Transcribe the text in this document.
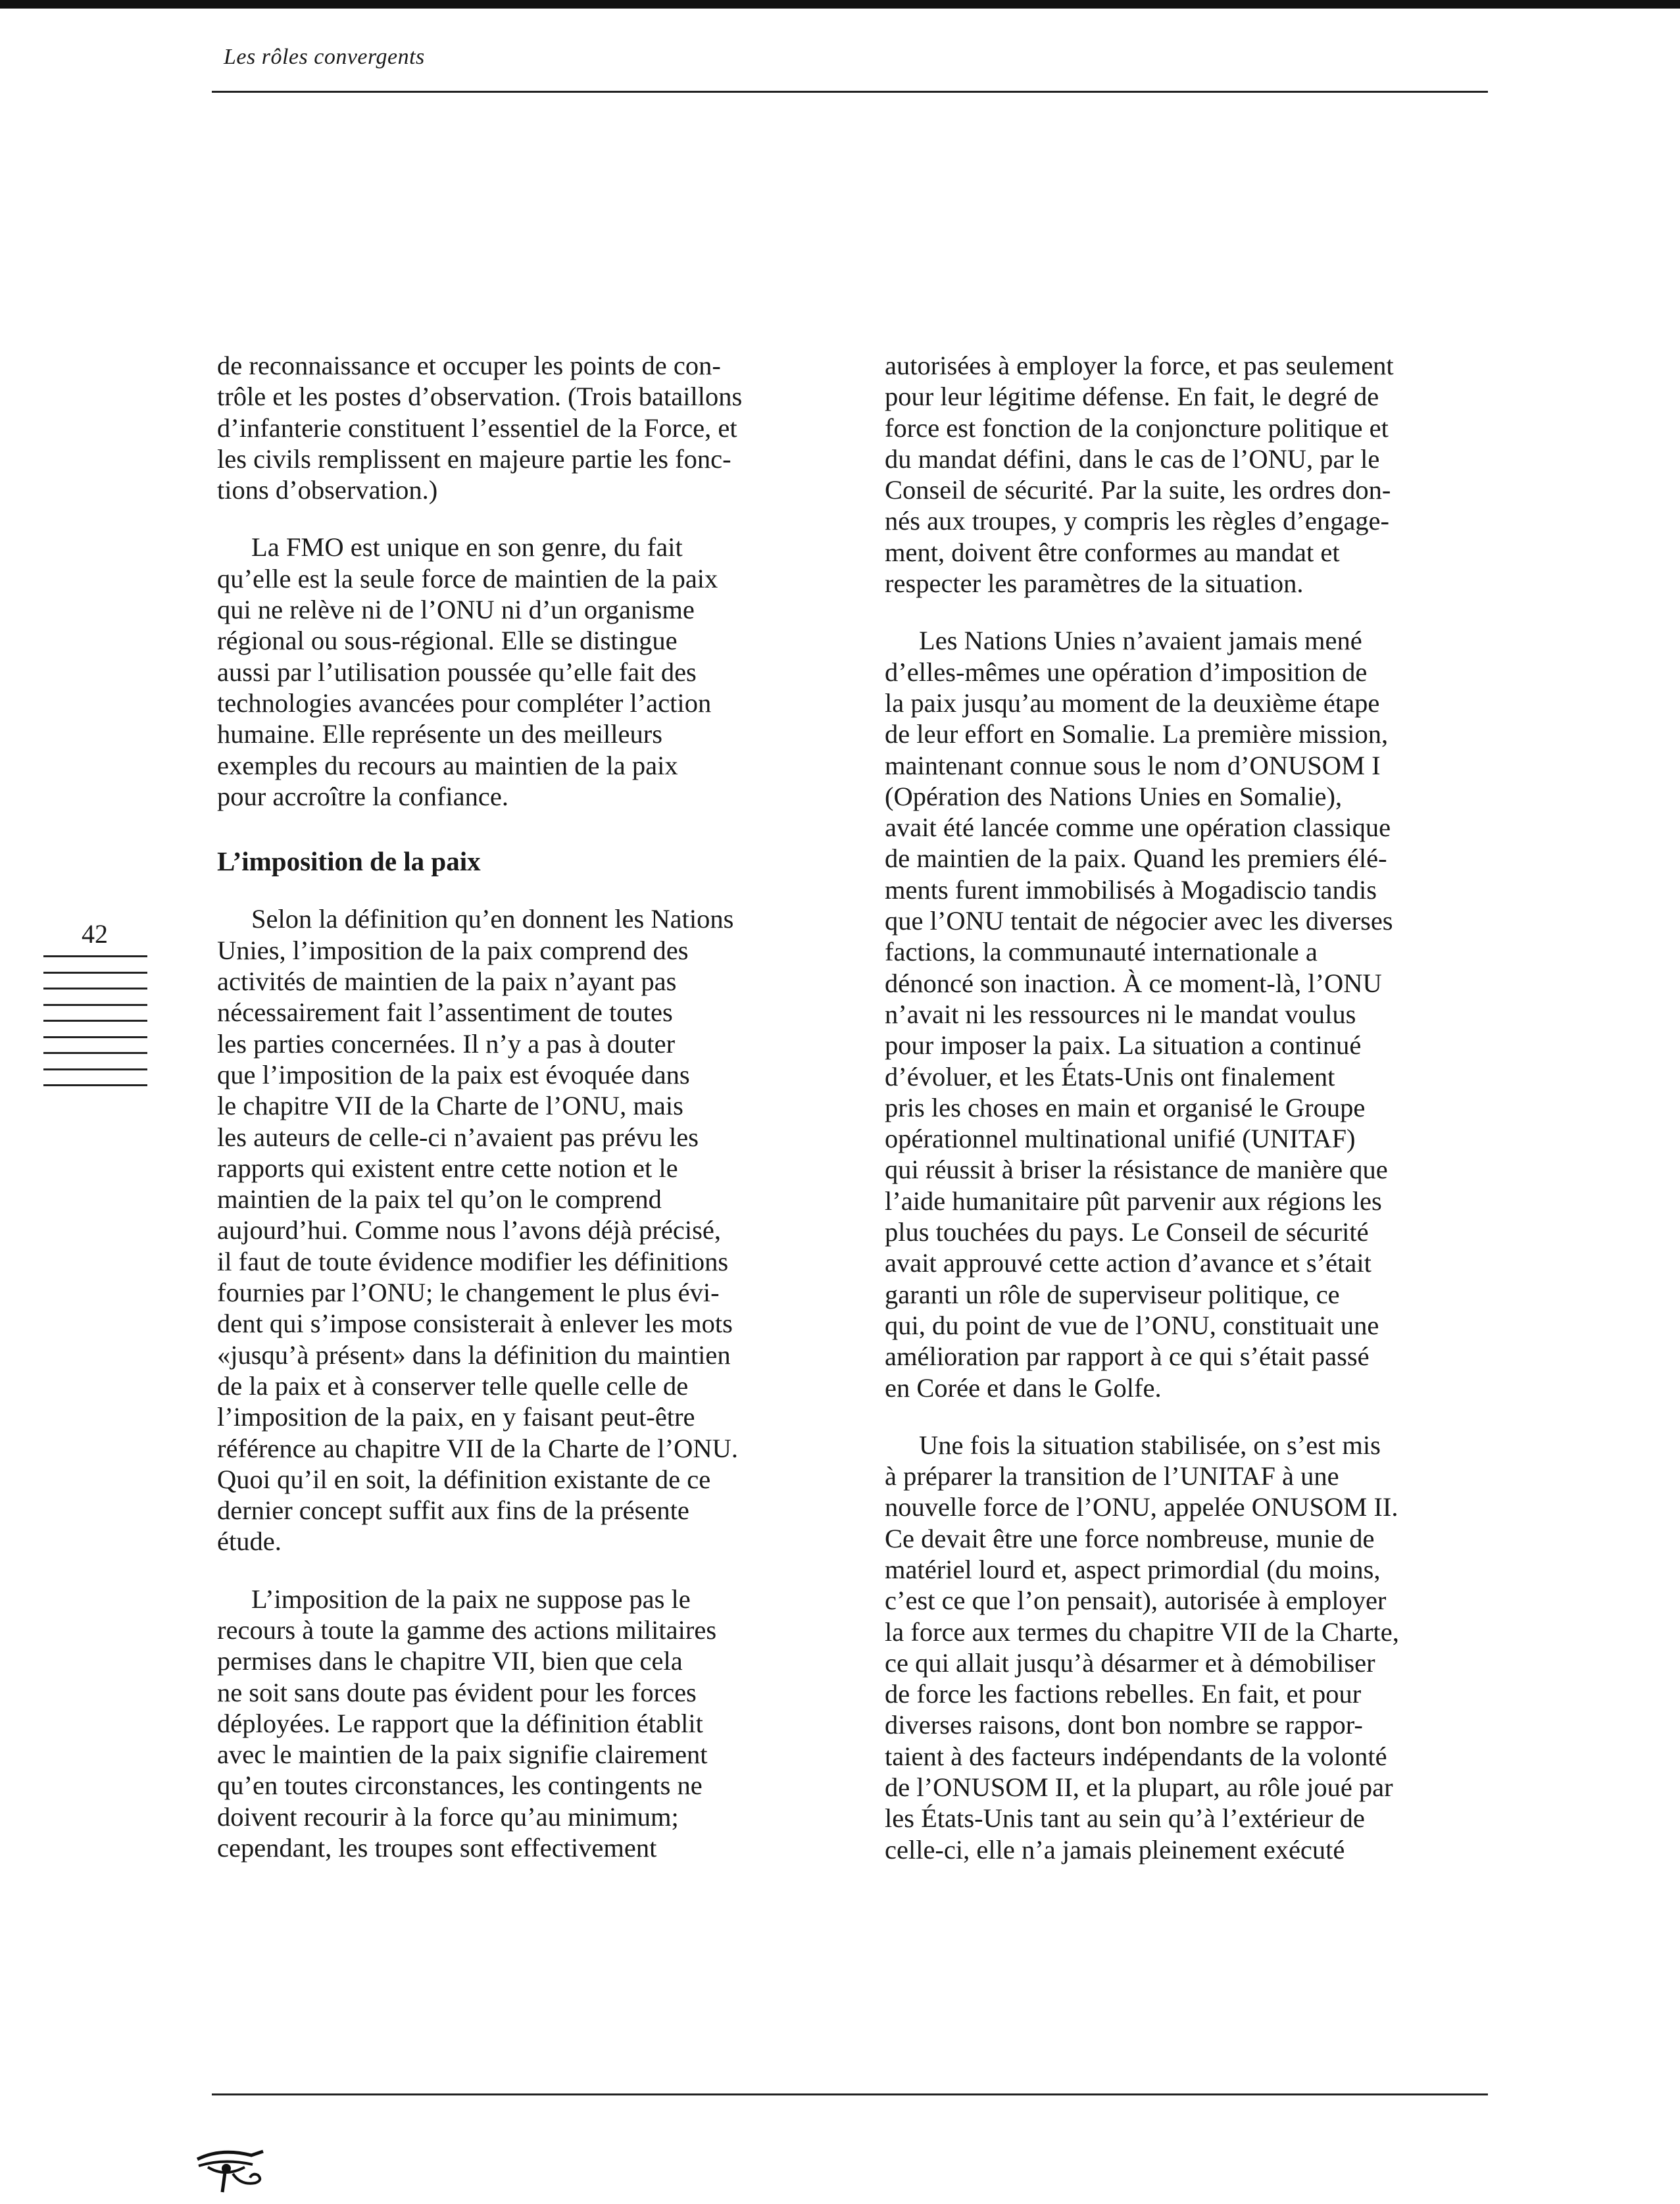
Les rôles convergents

de reconnaissance et occuper les points de con-
trôle et les postes d’observation. (Trois bataillons
d’infanterie constituent l’essentiel de la Force, et
les civils remplissent en majeure partie les fonc-
tions d’observation.)

La FMO est unique en son genre, du fait
qu’elle est la seule force de maintien de la paix
qui ne relève ni de l’ONU ni d’un organisme
régional ou sous-régional. Elle se distingue
aussi par l’utilisation poussée qu’elle fait des
technologies avancées pour compléter l’action
humaine. Elle représente un des meilleurs
exemples du recours au maintien de la paix
pour accroître la confiance.

L’imposition de la paix

Selon la définition qu’en donnent les Nations
Unies, l’imposition de la paix comprend des
activités de maintien de la paix n’ayant pas
nécessairement fait l’assentiment de toutes
les parties concernées. Il n’y a pas à douter
que l’imposition de la paix est évoquée dans
le chapitre VII de la Charte de l’ONU, mais
les auteurs de celle-ci n’avaient pas prévu les
rapports qui existent entre cette notion et le
maintien de la paix tel qu’on le comprend
aujourd’hui. Comme nous l’avons déjà précisé,
il faut de toute évidence modifier les définitions
fournies par l’ONU; le changement le plus évi-
dent qui s’impose consisterait à enlever les mots
«jusqu’à présent» dans la définition du maintien
de la paix et à conserver telle quelle celle de
l’imposition de la paix, en y faisant peut-être
référence au chapitre VII de la Charte de l’ONU.
Quoi qu’il en soit, la définition existante de ce
dernier concept suffit aux fins de la présente
étude.

L’imposition de la paix ne suppose pas le
recours à toute la gamme des actions militaires
permises dans le chapitre VII, bien que cela
ne soit sans doute pas évident pour les forces
déployées. Le rapport que la définition établit
avec le maintien de la paix signifie clairement
qu’en toutes circonstances, les contingents ne
doivent recourir à la force qu’au minimum;
cependant, les troupes sont effectivement

autorisées à employer la force, et pas seulement
pour leur légitime défense. En fait, le degré de
force est fonction de la conjoncture politique et
du mandat défini, dans le cas de l’ONU, par le
Conseil de sécurité. Par la suite, les ordres don-
nés aux troupes, y compris les règles d’engage-
ment, doivent être conformes au mandat et
respecter les paramètres de la situation.

Les Nations Unies n’avaient jamais mené
d’elles-mêmes une opération d’imposition de
la paix jusqu’au moment de la deuxième étape
de leur effort en Somalie. La première mission,
maintenant connue sous le nom d’ONUSOM I
(Opération des Nations Unies en Somalie),
avait été lancée comme une opération classique
de maintien de la paix. Quand les premiers élé-
ments furent immobilisés à Mogadiscio tandis
que l’ONU tentait de négocier avec les diverses
factions, la communauté internationale a
dénoncé son inaction. À ce moment-là, l’ONU
n’avait ni les ressources ni le mandat voulus
pour imposer la paix. La situation a continué
d’évoluer, et les États-Unis ont finalement
pris les choses en main et organisé le Groupe
opérationnel multinational unifié (UNITAF)
qui réussit à briser la résistance de manière que
l’aide humanitaire pût parvenir aux régions les
plus touchées du pays. Le Conseil de sécurité
avait approuvé cette action d’avance et s’était
garanti un rôle de superviseur politique, ce
qui, du point de vue de l’ONU, constituait une
amélioration par rapport à ce qui s’était passé
en Corée et dans le Golfe.

Une fois la situation stabilisée, on s’est mis
à préparer la transition de l’UNITAF à une
nouvelle force de l’ONU, appelée ONUSOM II.
Ce devait être une force nombreuse, munie de
matériel lourd et, aspect primordial (du moins,
c’est ce que l’on pensait), autorisée à employer
la force aux termes du chapitre VII de la Charte,
ce qui allait jusqu’à désarmer et à démobiliser
de force les factions rebelles. En fait, et pour
diverses raisons, dont bon nombre se rappor-
taient à des facteurs indépendants de la volonté
de l’ONUSOM II, et la plupart, au rôle joué par
les États-Unis tant au sein qu’à l’extérieur de
celle-ci, elle n’a jamais pleinement exécuté

42
